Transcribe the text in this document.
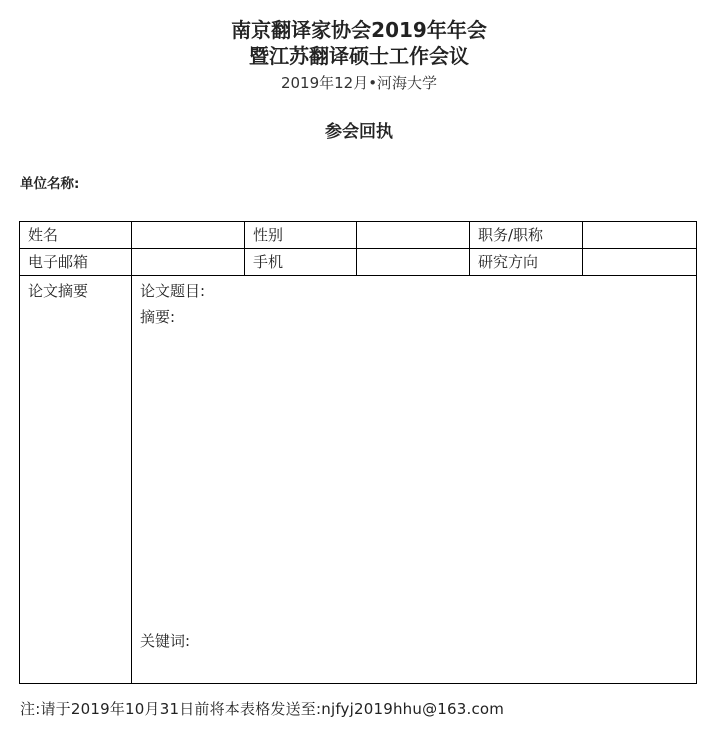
南京翻译家协会2019年年会
暨江苏翻译硕士工作会议
2019年12月•河海大学
参会回执
单位名称:
姓名		性别		职务/职称	
电子邮箱		手机		研究方向	
论文摘要	论文题目:
摘要:
关键词:				
注:请于2019年10月31日前将本表格发送至:njfyj2019hhu@163.com
